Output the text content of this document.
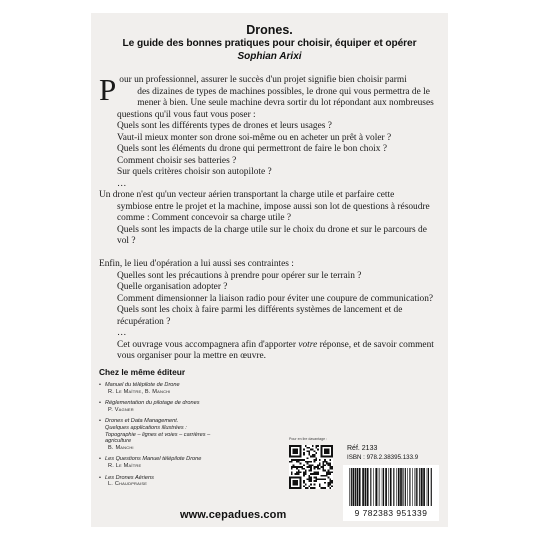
Drones.
Le guide des bonnes pratiques pour choisir, équiper et opérer
Sophian Arixi
P our un professionnel, assurer le succès d'un projet signifie bien choisir parmi
des dizaines de types de machines possibles, le drone qui vous permettra de le
mener à bien. Une seule machine devra sortir du lot répondant aux nombreuses
questions qu'il vous faut vous poser :
Quels sont les différents types de drones et leurs usages ?
Vaut-il mieux monter son drone soi-même ou en acheter un prêt à voler ?
Quels sont les éléments du drone qui permettront de faire le bon choix ?
Comment choisir ses batteries ?
Sur quels critères choisir son autopilote ?
…
Un drone n'est qu'un vecteur aérien transportant la charge utile et parfaire cette
symbiose entre le projet et la machine, impose aussi son lot de questions à résoudre
comme : Comment concevoir sa charge utile ?
Quels sont les impacts de la charge utile sur le choix du drone et sur le parcours de
vol ?
Enfin, le lieu d'opération a lui aussi ses contraintes :
Quelles sont les précautions à prendre pour opérer sur le terrain ?
Quelle organisation adopter ?
Comment dimensionner la liaison radio pour éviter une coupure de communication?
Quels sont les choix à faire parmi les différents systèmes de lancement et de
récupération ?
…
Cet ouvrage vous accompagnera afin d'apporter votre réponse, et de savoir comment
vous organiser pour la mettre en œuvre.
Chez le même éditeur
• Manuel du télépilote de Drone
R. Le Maître, B. Manchi
• Réglementation du pilotage de drones
P. Vagner
• Drones et Data Management.
Quelques applications illustrées :
Topographie – lignes et voies – carrières –
agriculture
B. Manchi
• Les Questions Manuel télépilote Drone
R. Le Maître
• Les Drones Aériens
L. Chaudpraise
Pour en lire davantage :
Réf. 2133
ISBN : 978.2.38395.133.9
9 782383 951339
www.cepadues.com
